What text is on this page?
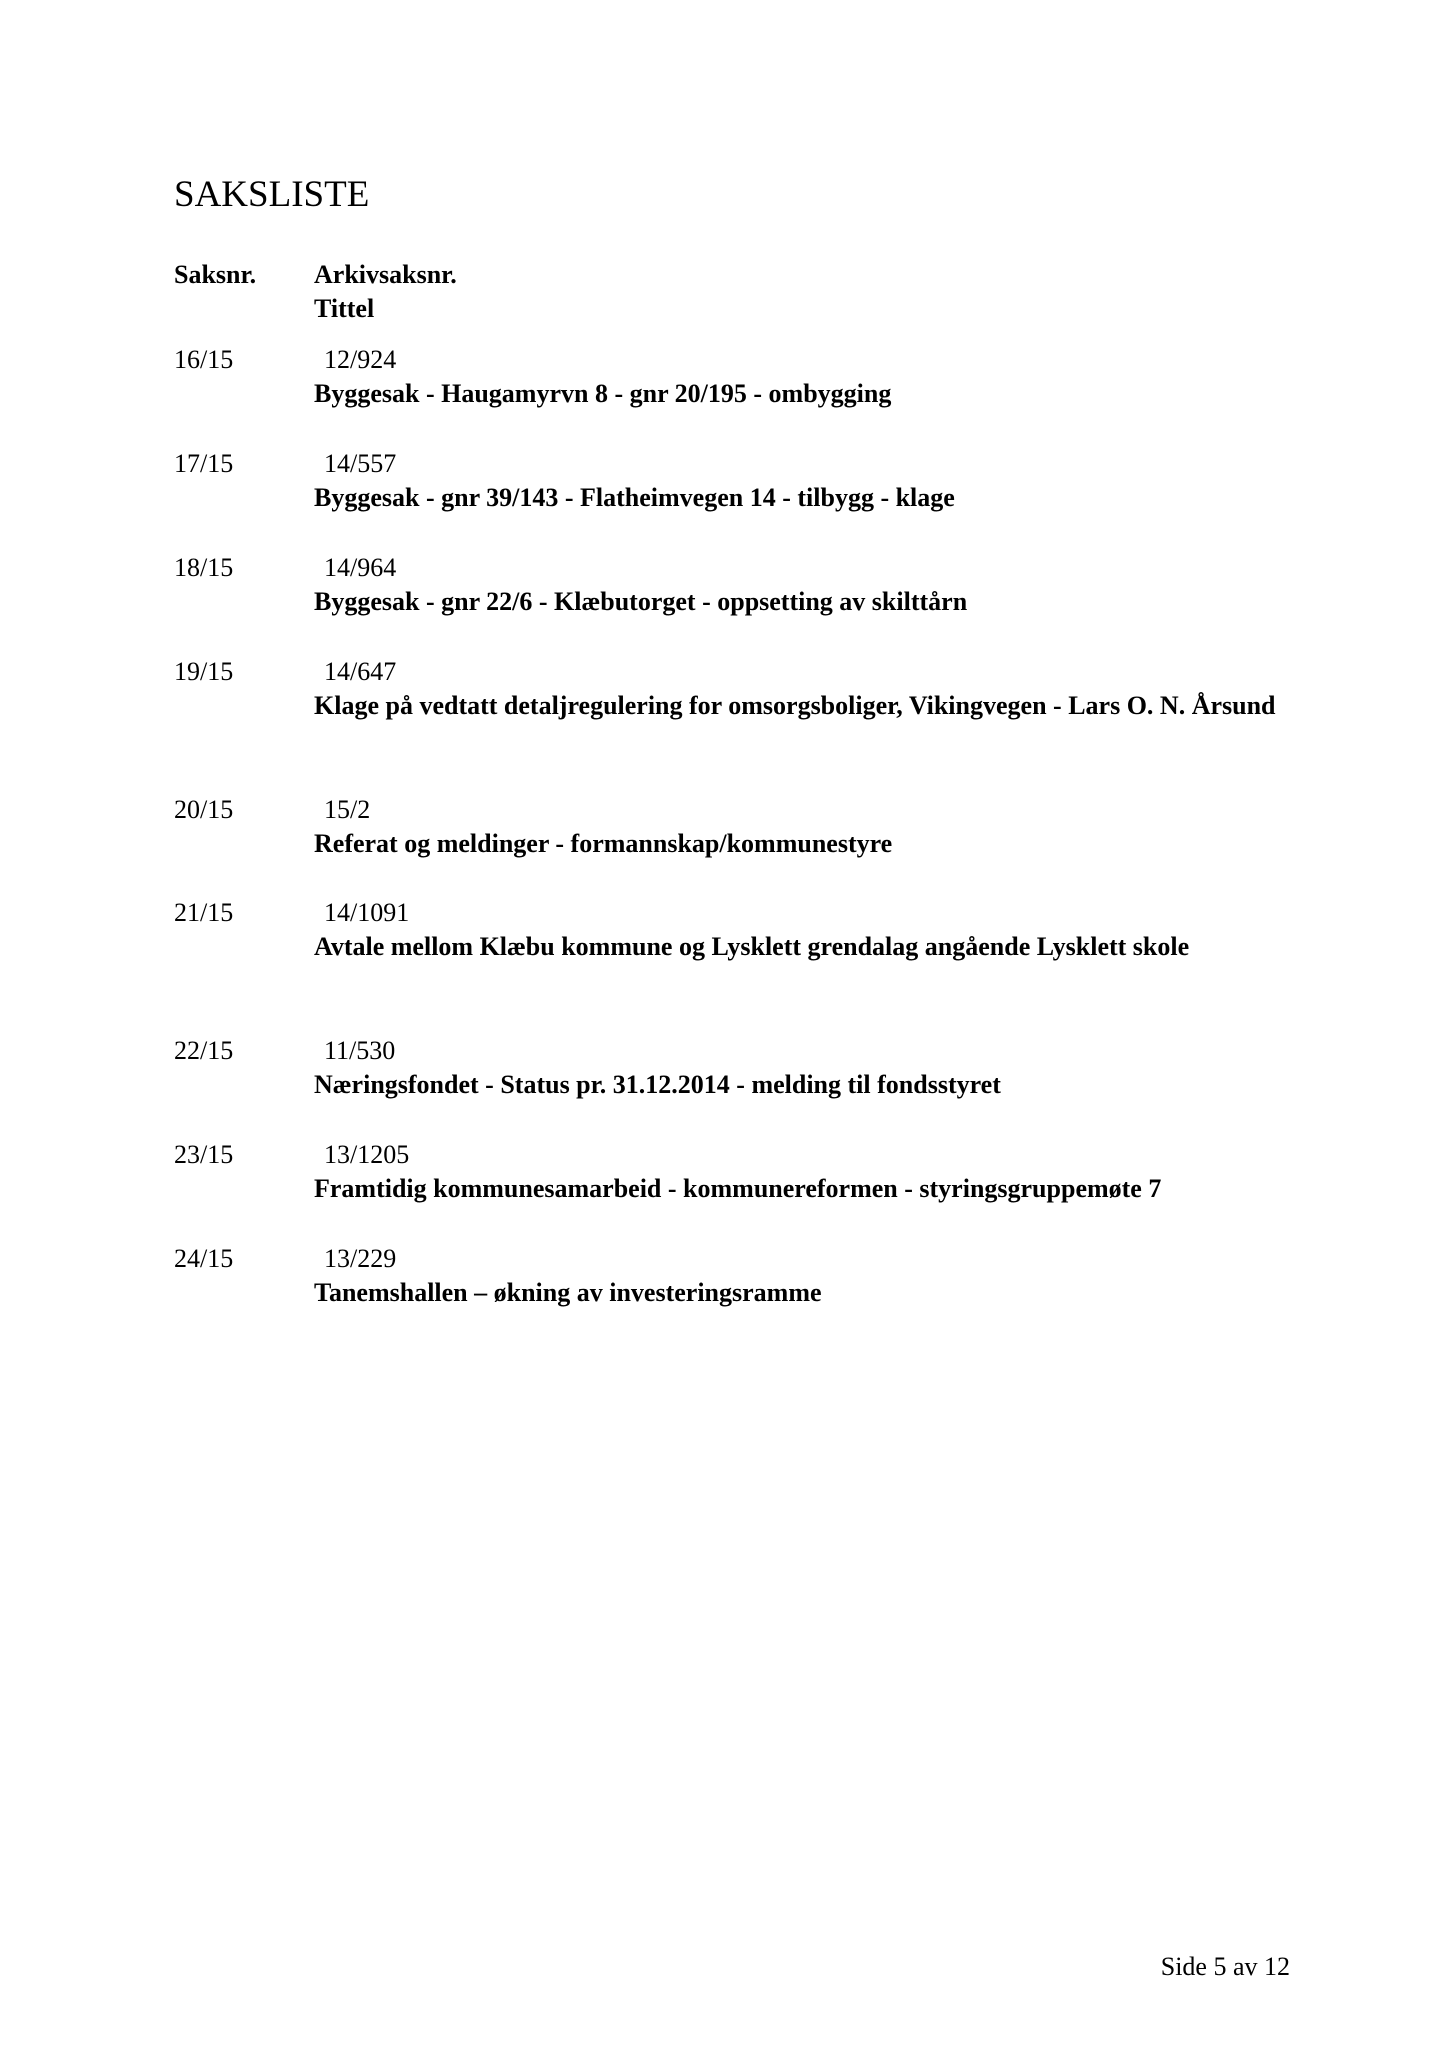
SAKSLISTE
Saksnr. Arkivsaksnr.
Tittel
16/15	12/924
Byggesak - Haugamyrvn 8 - gnr 20/195 - ombygging
17/15	14/557
Byggesak - gnr 39/143 - Flatheimvegen 14 - tilbygg - klage
18/15	14/964
Byggesak - gnr 22/6 - Klæbutorget - oppsetting av skilttårn
19/15	14/647
Klage på vedtatt detaljregulering for omsorgsboliger, Vikingvegen - Lars O. N. Årsund
20/15	15/2
Referat og meldinger - formannskap/kommunestyre
21/15	14/1091
Avtale mellom Klæbu kommune og Lysklett grendalag angående Lysklett skole
22/15	11/530
Næringsfondet - Status pr. 31.12.2014 - melding til fondsstyret
23/15	13/1205
Framtidig kommunesamarbeid - kommunereformen - styringsgruppemøte 7
24/15	13/229
Tanemshallen – økning av investeringsramme
Side 5 av 12
